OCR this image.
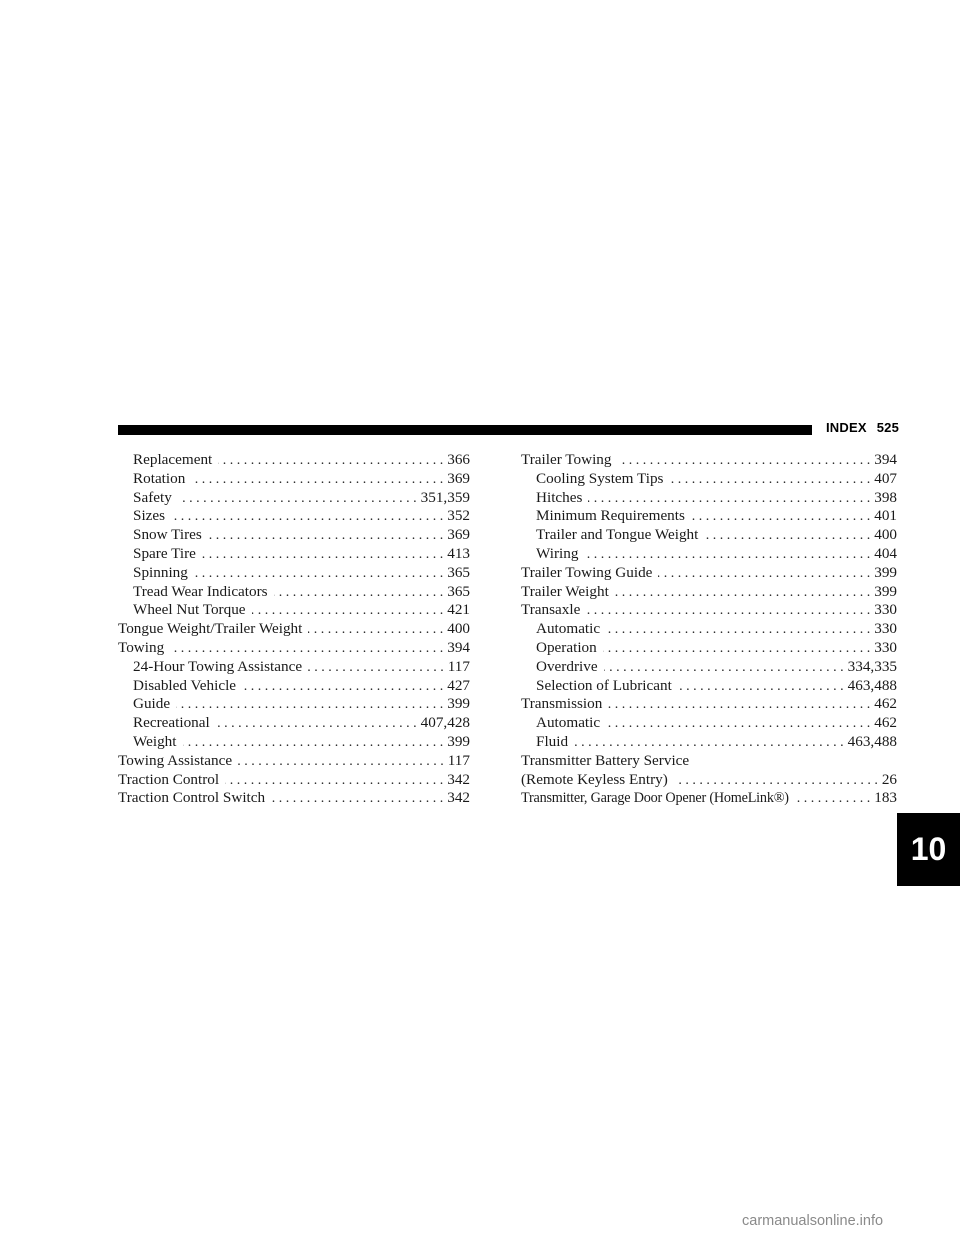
INDEX 525
Replacement . . .	366
Rotation . . .	369
Safety . . .	351,359
Sizes . . .	352
Snow Tires . . .	369
Spare Tire . . .	413
Spinning . . .	365
Tread Wear Indicators . . .	365
Wheel Nut Torque . . .	421
Tongue Weight/Trailer Weight . . .	400
Towing . . .	394
24-Hour Towing Assistance . . .	117
Disabled Vehicle . . .	427
Guide . . .	399
Recreational . . .	407,428
Weight . . .	399
Towing Assistance . . .	117
Traction Control . . .	342
Traction Control Switch . . .	342
Trailer Towing . . .	394
Cooling System Tips . . .	407
Hitches . . .	398
Minimum Requirements . . .	401
Trailer and Tongue Weight . . .	400
Wiring . . .	404
Trailer Towing Guide . . .	399
Trailer Weight . . .	399
Transaxle . . .	330
Automatic . . .	330
Operation . . .	330
Overdrive . . .	334,335
Selection of Lubricant . . .	463,488
Transmission . . .	462
Automatic . . .	462
Fluid . . .	463,488
Transmitter Battery Service
(Remote Keyless Entry) . . .	26
Transmitter, Garage Door Opener (HomeLink®) . . .	183
10
carmanualsonline.info
